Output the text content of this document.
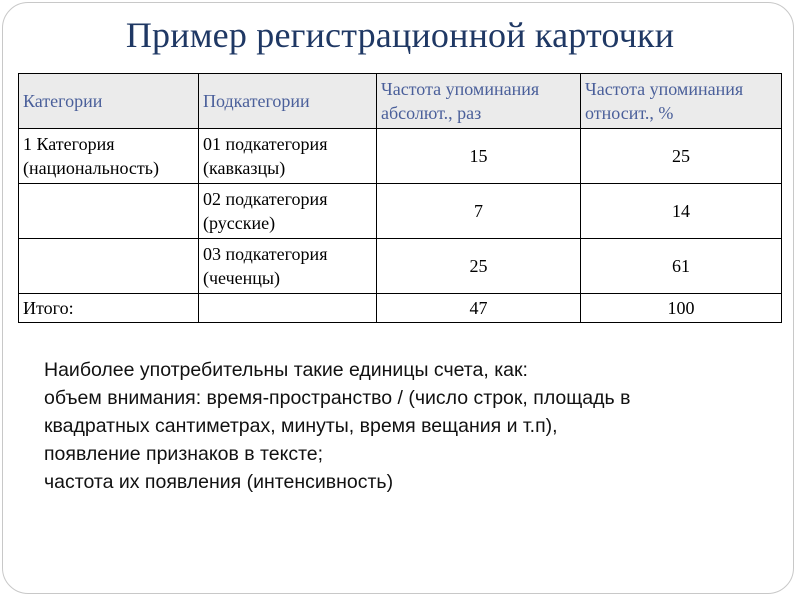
Пример регистрационной карточки
Категории	Подкатегории	Частота упоминания абсолют., раз	Частота упоминания относит., %
1 Категория (национальность)	01 подкатегория (кавказцы)	15	25
	02 подкатегория (русские)	7	14
	03 подкатегория (чеченцы)	25	61
Итого:		47	100
Наиболее употребительны такие единицы счета, как:
объем внимания: время-пространство / (число строк, площадь в
квадратных сантиметрах, минуты, время вещания и т.п),
появление признаков в тексте;
частота их появления (интенсивность)
